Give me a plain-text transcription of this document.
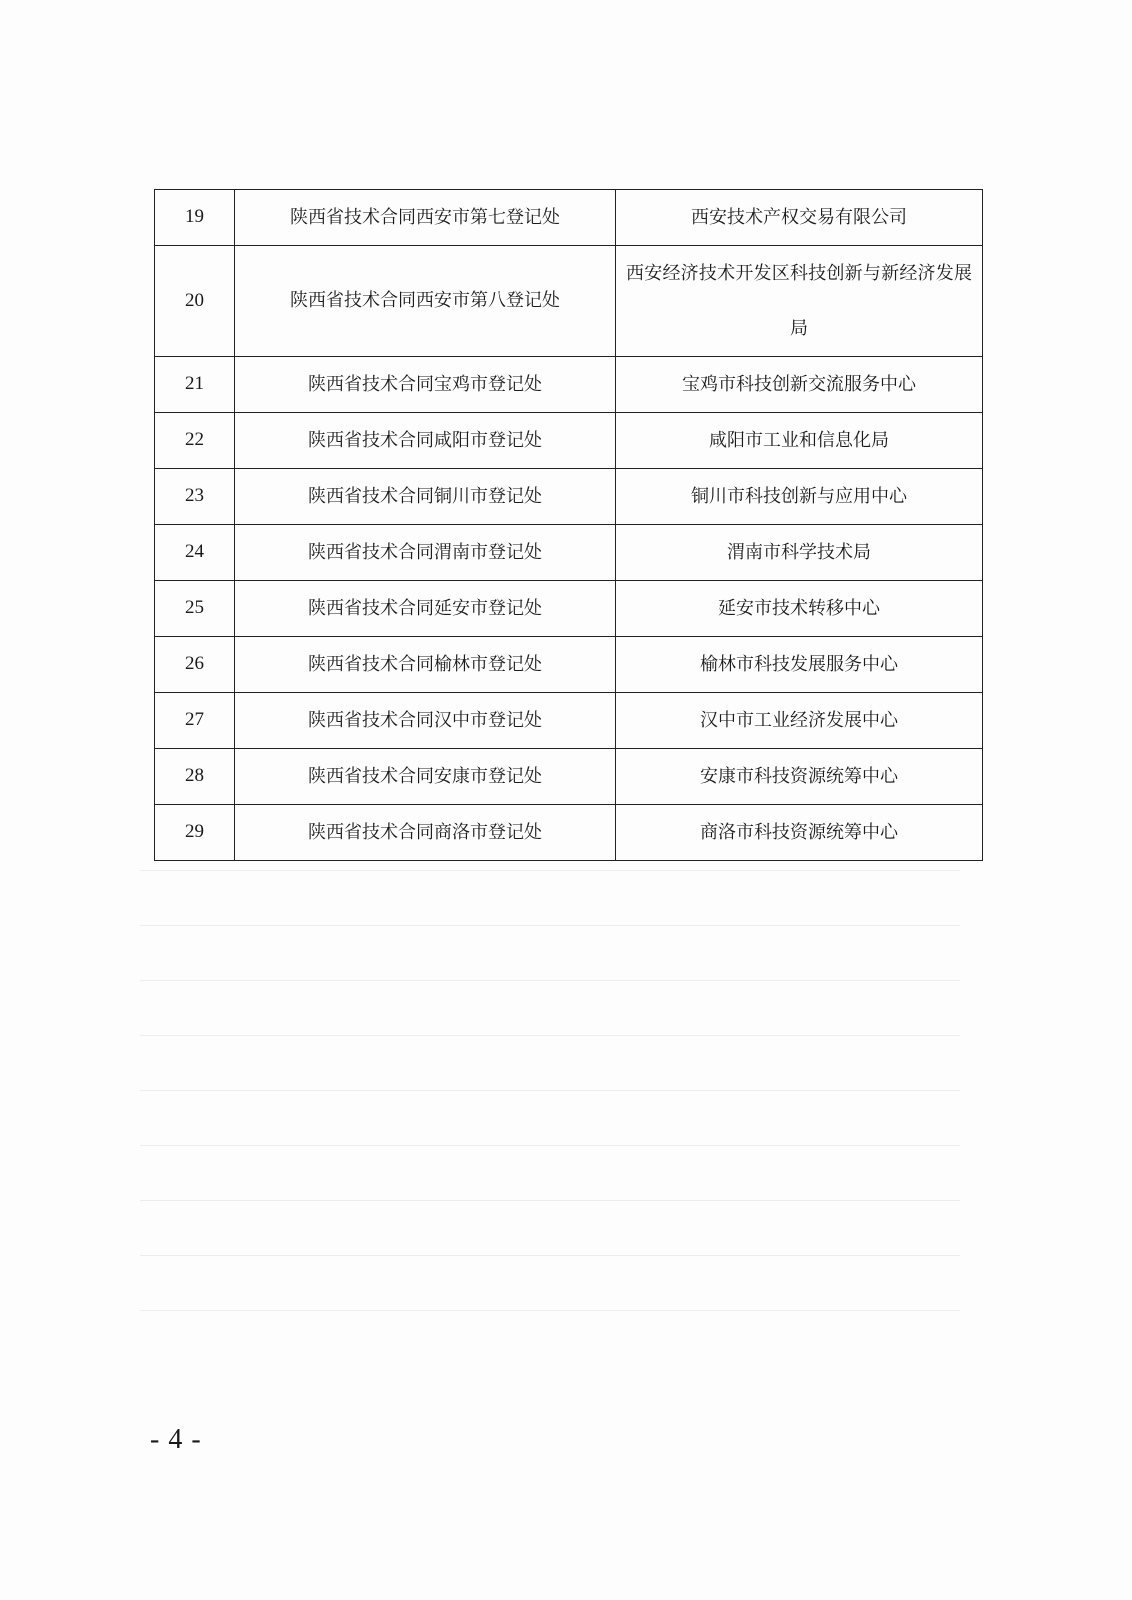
19	陕西省技术合同西安市第七登记处	西安技术产权交易有限公司
20	陕西省技术合同西安市第八登记处	西安经济技术开发区科技创新与新经济发展局
21	陕西省技术合同宝鸡市登记处	宝鸡市科技创新交流服务中心
22	陕西省技术合同咸阳市登记处	咸阳市工业和信息化局
23	陕西省技术合同铜川市登记处	铜川市科技创新与应用中心
24	陕西省技术合同渭南市登记处	渭南市科学技术局
25	陕西省技术合同延安市登记处	延安市技术转移中心
26	陕西省技术合同榆林市登记处	榆林市科技发展服务中心
27	陕西省技术合同汉中市登记处	汉中市工业经济发展中心
28	陕西省技术合同安康市登记处	安康市科技资源统筹中心
29	陕西省技术合同商洛市登记处	商洛市科技资源统筹中心
- 4 -
